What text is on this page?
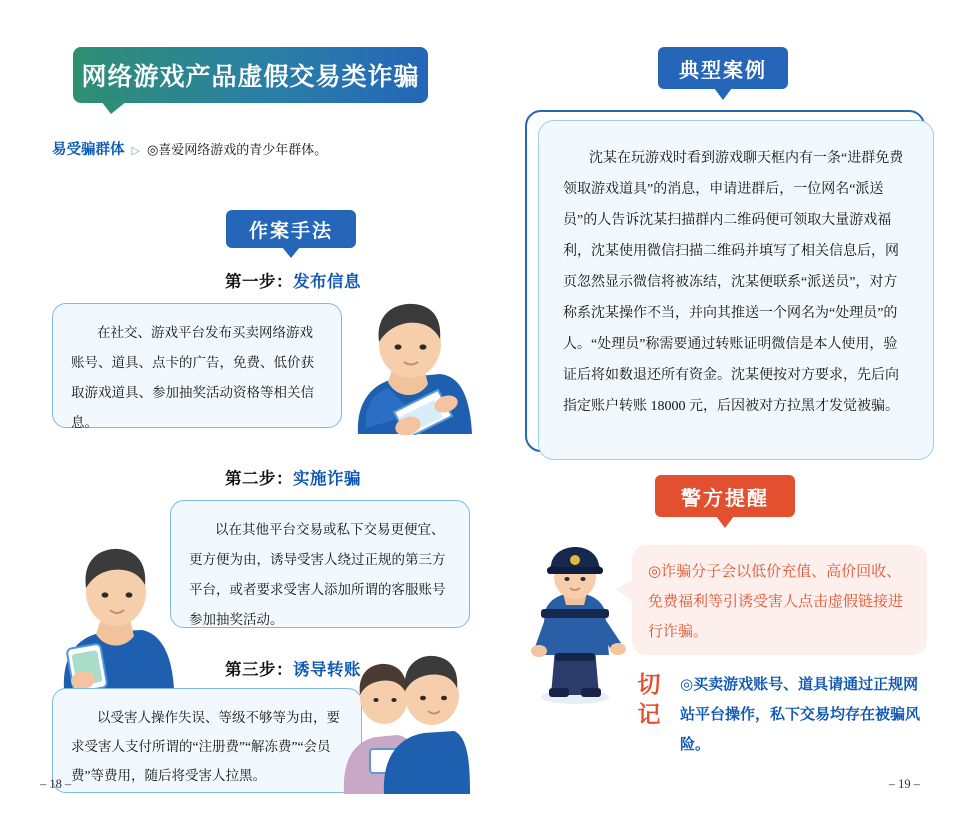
网络游戏产品虚假交易类诈骗
易受骗群体 ▷ ◎喜爱网络游戏的青少年群体。
作案手法
第一步：发布信息
在社交、游戏平台发布买卖网络游戏账号、道具、点卡的广告，免费、低价获取游戏道具、参加抽奖活动资格等相关信息。
第二步：实施诈骗
以在其他平台交易或私下交易更便宜、更方便为由，诱导受害人绕过正规的第三方平台，或者要求受害人添加所谓的客服账号参加抽奖活动。
第三步：诱导转账
以受害人操作失误、等级不够等为由，要求受害人支付所谓的“注册费”“解冻费”“会员费”等费用，随后将受害人拉黑。
– 18 –
典型案例
沈某在玩游戏时看到游戏聊天框内有一条“进群免费领取游戏道具”的消息，申请进群后，一位网名“派送员”的人告诉沈某扫描群内二维码便可领取大量游戏福利，沈某使用微信扫描二维码并填写了相关信息后，网页忽然显示微信将被冻结，沈某便联系“派送员”，对方称系沈某操作不当，并向其推送一个网名为“处理员”的人。“处理员”称需要通过转账证明微信是本人使用，验证后将如数退还所有资金。沈某便按对方要求，先后向指定账户转账 18000 元，后因被对方拉黑才发觉被骗。
警方提醒
◎诈骗分子会以低价充值、高价回收、免费福利等引诱受害人点击虚假链接进行诈骗。
切记
◎买卖游戏账号、道具请通过正规网站平台操作，私下交易均存在被骗风险。
– 19 –
